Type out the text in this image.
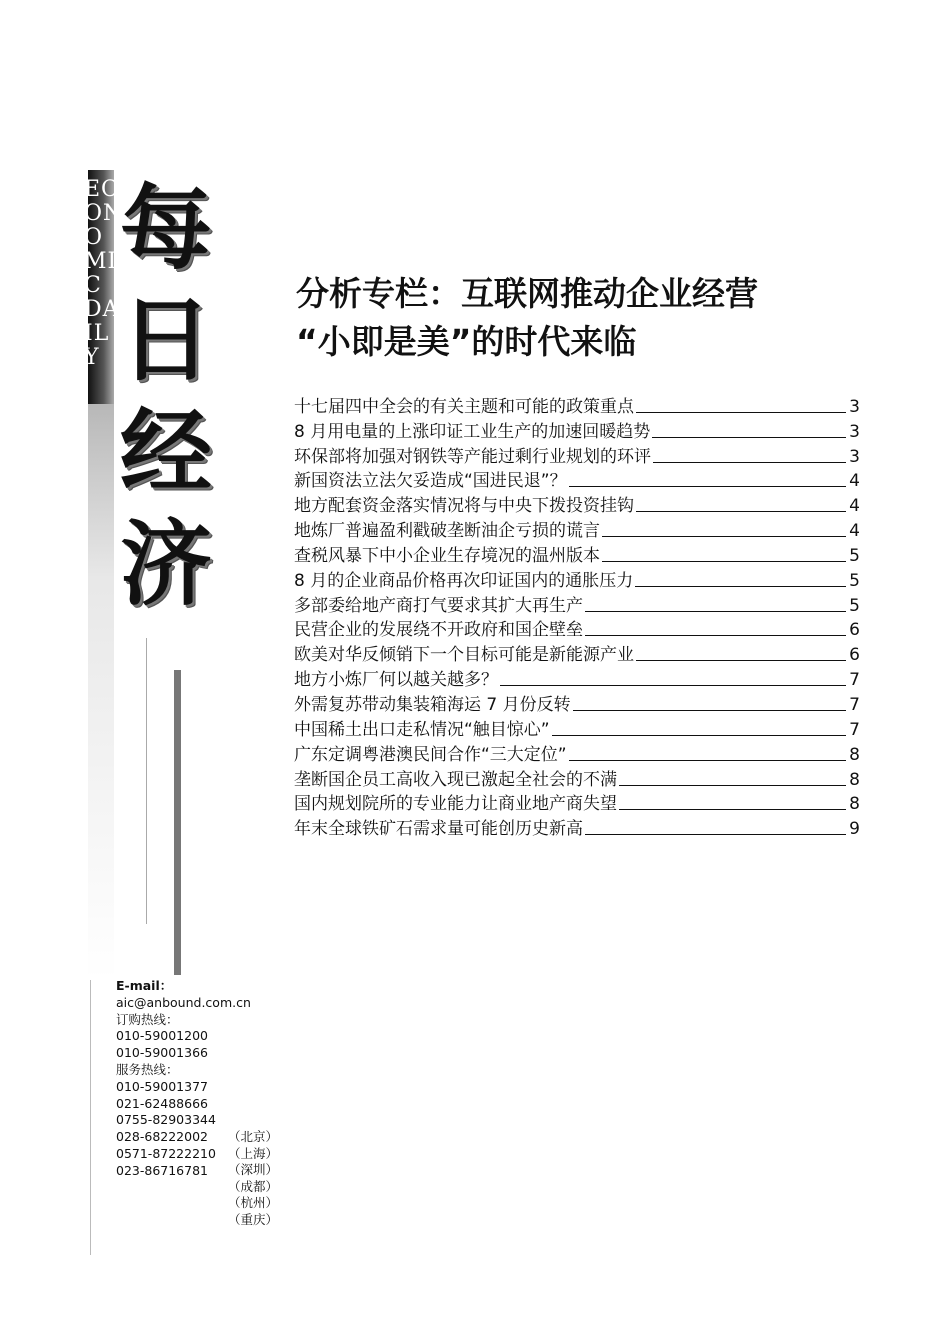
EC
ON
O
MI
C
DA
IL
Y
每
日
经
济
分析专栏：互联网推动企业经营
“小即是美”的时代来临
十七届四中全会的有关主题和可能的政策重点	3
8 月用电量的上涨印证工业生产的加速回暖趋势	3
环保部将加强对钢铁等产能过剩行业规划的环评	3
新国资法立法欠妥造成“国进民退”？	4
地方配套资金落实情况将与中央下拨投资挂钩	4
地炼厂普遍盈利戳破垄断油企亏损的谎言	4
查税风暴下中小企业生存境况的温州版本	5
8 月的企业商品价格再次印证国内的通胀压力	5
多部委给地产商打气要求其扩大再生产	5
民营企业的发展绕不开政府和国企壁垒	6
欧美对华反倾销下一个目标可能是新能源产业	6
地方小炼厂何以越关越多？	7
外需复苏带动集装箱海运 7 月份反转	7
中国稀土出口走私情况“触目惊心”	7
广东定调粤港澳民间合作“三大定位”	8
垄断国企员工高收入现已激起全社会的不满	8
国内规划院所的专业能力让商业地产商失望	8
年末全球铁矿石需求量可能创历史新高	9
E-mail：
aic@anbound.com.cn
订购热线：
010-59001200
010-59001366
服务热线：
010-59001377
021-62488666
0755-82903344
028-68222002
0571-87222210
023-86716781
（北京）
（上海）
（深圳）
（成都）
（杭州）
（重庆）
